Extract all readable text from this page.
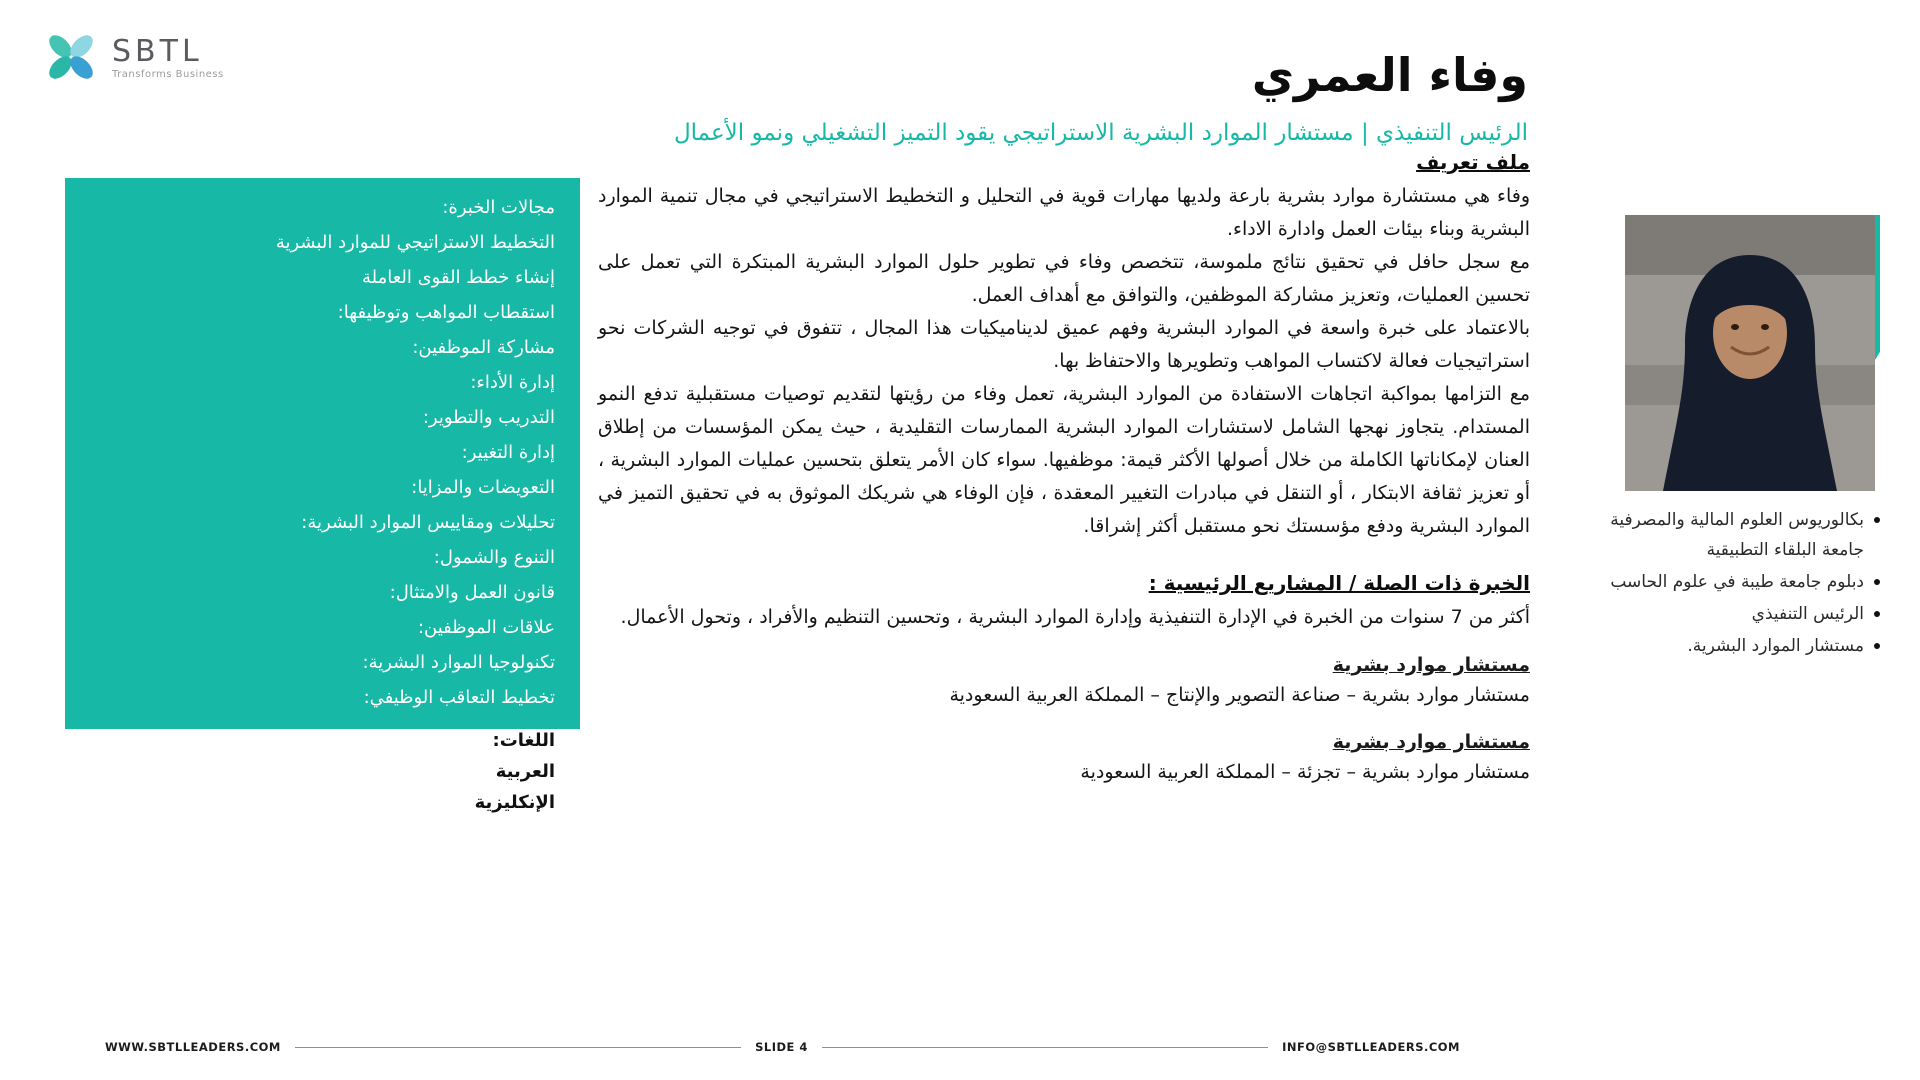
SBTL
Transforms Business	وفاء العمري
الرئيس التنفيذي | مستشار الموارد البشرية الاستراتيجي يقود التميز التشغيلي ونمو الأعمال
مجالات الخبرة:
التخطيط الاستراتيجي للموارد البشرية
إنشاء خطط القوى العاملة
استقطاب المواهب وتوظيفها:
مشاركة الموظفين:
إدارة الأداء:
التدريب والتطوير:
إدارة التغيير:
التعويضات والمزايا:
تحليلات ومقاييس الموارد البشرية:
التنوع والشمول:
قانون العمل والامتثال:
علاقات الموظفين:
تكنولوجيا الموارد البشرية:
تخطيط التعاقب الوظيفي:
اللغات:
العربية
الإنكليزية
بكالوريوس العلوم المالية والمصرفية جامعة البلقاء التطبيقية
دبلوم جامعة طيبة في علوم الحاسب
الرئيس التنفيذي
مستشار الموارد البشرية.
ملف تعريف

وفاء هي مستشارة موارد بشرية بارعة ولديها مهارات قوية في التحليل و التخطيط الاستراتيجي في مجال تنمية الموارد البشرية وبناء بيئات العمل وادارة الاداء.

مع سجل حافل في تحقيق نتائج ملموسة، تتخصص وفاء في تطوير حلول الموارد البشرية المبتكرة التي تعمل على تحسين العمليات، وتعزيز مشاركة الموظفين، والتوافق مع أهداف العمل.

بالاعتماد على خبرة واسعة في الموارد البشرية وفهم عميق لديناميكيات هذا المجال ، تتفوق في توجيه الشركات نحو استراتيجيات فعالة لاكتساب المواهب وتطويرها والاحتفاظ بها.

مع التزامها بمواكبة اتجاهات الاستفادة من الموارد البشرية، تعمل وفاء من رؤيتها لتقديم توصيات مستقبلية تدفع النمو المستدام. يتجاوز نهجها الشامل لاستشارات الموارد البشرية الممارسات التقليدية ، حيث يمكن المؤسسات من إطلاق العنان لإمكاناتها الكاملة من خلال أصولها الأكثر قيمة: موظفيها. سواء كان الأمر يتعلق بتحسين عمليات الموارد البشرية ، أو تعزيز ثقافة الابتكار ، أو التنقل في مبادرات التغيير المعقدة ، فإن الوفاء هي شريكك الموثوق به في تحقيق التميز في الموارد البشرية ودفع مؤسستك نحو مستقبل أكثر إشراقا.

الخبرة ذات الصلة / المشاريع الرئيسية :

أكثر من 7 سنوات من الخبرة في الإدارة التنفيذية وإدارة الموارد البشرية ، وتحسين التنظيم والأفراد ، وتحول الأعمال.

مستشار موارد بشرية
مستشار موارد بشرية – صناعة التصوير والإنتاج – المملكة العربية السعودية
مستشار موارد بشرية
مستشار موارد بشرية – تجزئة – المملكة العربية السعودية
WWW.SBTLLEADERS.COM	SLIDE 4	INFO@SBTLLEADERS.COM
